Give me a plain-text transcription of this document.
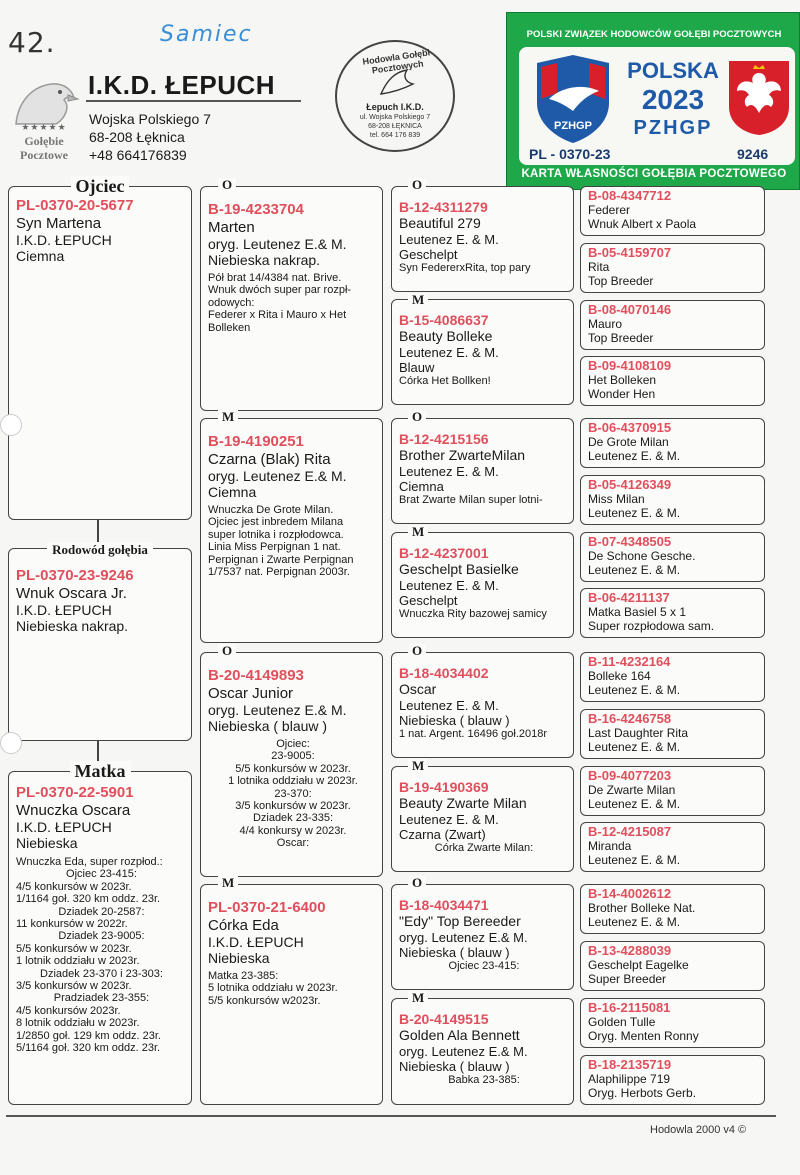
42.	Samiec
★★★★★
Gołębie
Pocztowe
I.K.D. ŁEPUCH
Wojska Polskiego 7
68-208 Łęknica
+48 664176839
Hodowla Gołębi Pocztowych
Łepuch I.K.D.
ul. Wojska Polskiego 7
68-208 ŁĘKNICA
tel. 664 176 839
POLSKI ZWIĄZEK HODOWCÓW GOŁĘBI POCZTOWYCH
PZHGP
POLSKA
2023
PZHGP
PL - 0370-23	9246
KARTA WŁASNOŚCI GOŁĘBIA POCZTOWEGO
PL-0370-20-5677
Syn Martena
I.K.D. ŁEPUCH
Ciemna
Ojciec
PL-0370-23-9246
Wnuk Oscara Jr.
I.K.D. ŁEPUCH
Niebieska nakrap.
Rodowód gołębia
PL-0370-22-5901
Wnuczka Oscara
I.K.D. ŁEPUCH
Niebieska
Wnuczka Eda, super rozpłod.:
Ojciec 23-415:
4/5 konkursów w 2023r.
1/1164 goł. 320 km oddz. 23r.
Dziadek 20-2587:
11 konkursów w 2022r.
Dziadek 23-9005:
5/5 konkursów w 2023r.
1 lotnik oddziału w 2023r.
Dziadek 23-370 i 23-303:
3/5 konkursów w 2023r.
Pradziadek 23-355:
4/5 konkursów 2023r.
8 lotnik oddziału w 2023r.
1/2850 goł. 129 km oddz. 23r.
5/1164 goł. 320 km oddz. 23r.
Matka
B-19-4233704
Marten
oryg. Leutenez E.& M.
Niebieska nakrap.
Pół brat 14/4384 nat. Brive.
Wnuk dwóch super par rozpł-
odowych:
Federer x Rita i Mauro x Het
Bolleken
O
B-19-4190251
Czarna (Blak) Rita
oryg. Leutenez E.& M.
Ciemna
Wnuczka De Grote Milan.
Ojciec jest inbredem Milana
super lotnika i rozpłodowca.
Linia Miss Perpignan 1 nat.
Perpignan i Zwarte Perpignan
1/7537 nat. Perpignan 2003r.
M
B-20-4149893
Oscar Junior
oryg. Leutenez E.& M.
Niebieska ( blauw )
Ojciec:
23-9005:
5/5 konkursów w 2023r.
1 lotnika oddziału w 2023r.
23-370:
3/5 konkursów w 2023r.
Dziadek 23-335:
4/4 konkursy w 2023r.
Oscar:
O
PL-0370-21-6400
Córka Eda
I.K.D. ŁEPUCH
Niebieska
Matka 23-385:
5 lotnika oddziału w 2023r.
5/5 konkursów w2023r.
M
B-12-4311279
Beautiful 279
Leutenez E. & M.
Geschelpt
Syn FedererxRita, top pary
O
B-15-4086637
Beauty Bolleke
Leutenez E. & M.
Blauw
Córka Het Bollken!
M
B-12-4215156
Brother ZwarteMilan
Leutenez E. & M.
Ciemna
Brat Zwarte Milan super lotni-
O
B-12-4237001
Geschelpt Basielke
Leutenez E. & M.
Geschelpt
Wnuczka Rity bazowej samicy
M
B-18-4034402
Oscar
Leutenez E. & M.
Niebieska ( blauw )
1 nat. Argent. 16496 goł.2018r
O
B-19-4190369
Beauty Zwarte Milan
Leutenez E. & M.
Czarna (Zwart)
Córka Zwarte Milan:
M
B-18-4034471
"Edy" Top Bereeder
oryg. Leutenez E.& M.
Niebieska ( blauw )
Ojciec 23-415:
O
B-20-4149515
Golden Ala Bennett
oryg. Leutenez E.& M.
Niebieska ( blauw )
Babka 23-385:
M
B-08-4347712
Federer
Wnuk Albert x Paola
B-05-4159707
Rita
Top Breeder
B-08-4070146
Mauro
Top Breeder
B-09-4108109
Het Bolleken
Wonder Hen
B-06-4370915
De Grote Milan
Leutenez E. & M.
B-05-4126349
Miss Milan
Leutenez E. & M.
B-07-4348505
De Schone Gesche.
Leutenez E. & M.
B-06-4211137
Matka Basiel 5 x 1
Super rozpłodowa sam.
B-11-4232164
Bolleke 164
Leutenez E. & M.
B-16-4246758
Last Daughter Rita
Leutenez E. & M.
B-09-4077203
De Zwarte Milan
Leutenez E. & M.
B-12-4215087
Miranda
Leutenez E. & M.
B-14-4002612
Brother Bolleke Nat.
Leutenez E. & M.
B-13-4288039
Geschelpt Eagelke
Super Breeder
B-16-2115081
Golden Tulle
Oryg. Menten Ronny
B-18-2135719
Alaphilippe 719
Oryg. Herbots Gerb.
Hodowla 2000 v4 ©
